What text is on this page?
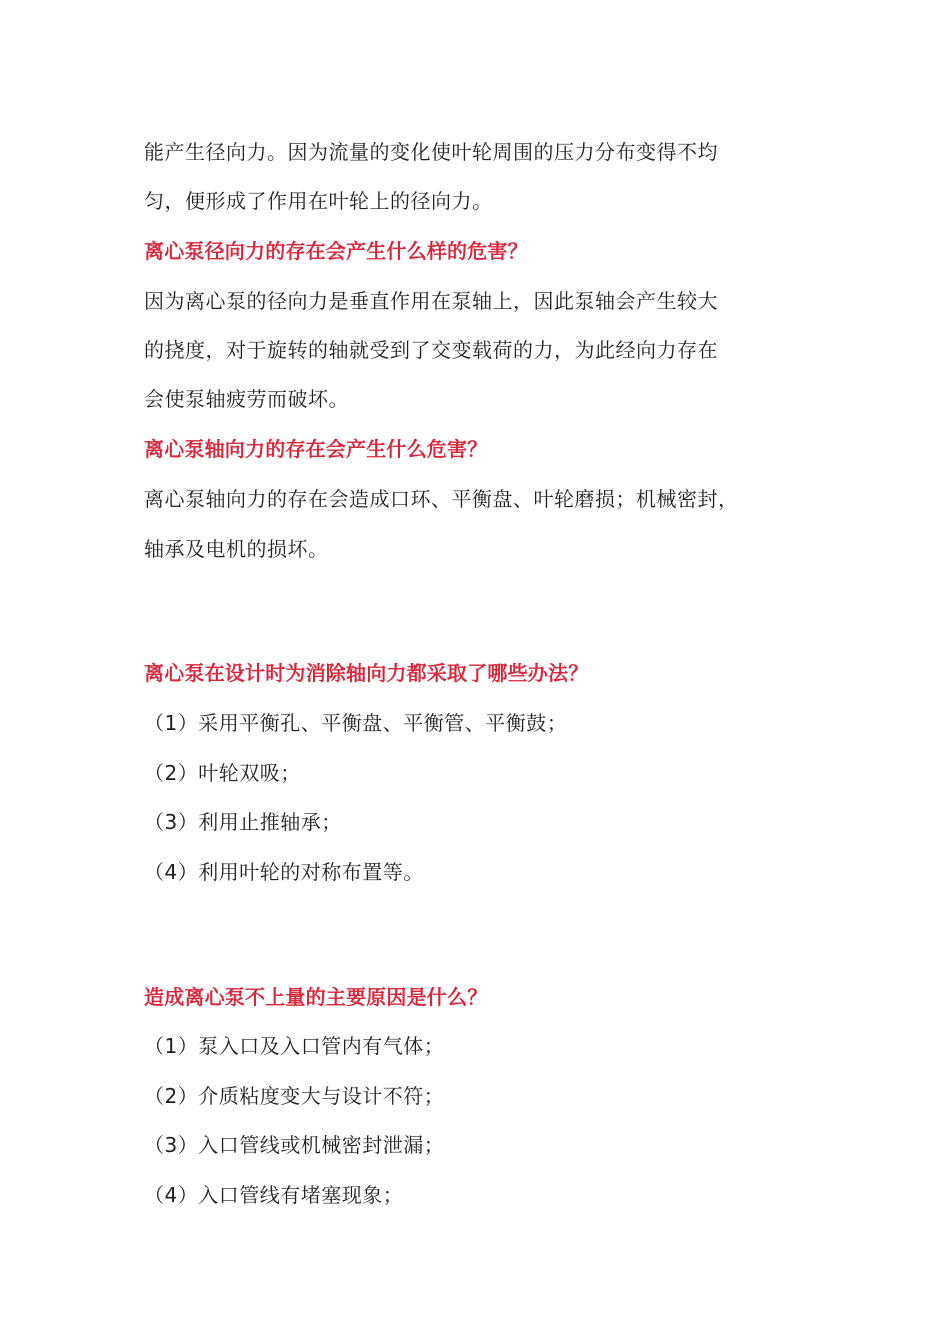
能产生径向力。因为流量的变化使叶轮周围的压力分布变得不均
匀，便形成了作用在叶轮上的径向力。
离心泵径向力的存在会产生什么样的危害？
因为离心泵的径向力是垂直作用在泵轴上，因此泵轴会产生较大
的挠度，对于旋转的轴就受到了交变载荷的力，为此经向力存在
会使泵轴疲劳而破坏。
离心泵轴向力的存在会产生什么危害？
离心泵轴向力的存在会造成口环、平衡盘、叶轮磨损；机械密封，
轴承及电机的损坏。
离心泵在设计时为消除轴向力都采取了哪些办法？
（1）采用平衡孔、平衡盘、平衡管、平衡鼓；
（2）叶轮双吸；
（3）利用止推轴承；
（4）利用叶轮的对称布置等。
造成离心泵不上量的主要原因是什么？
（1）泵入口及入口管内有气体；
（2）介质粘度变大与设计不符；
（3）入口管线或机械密封泄漏；
（4）入口管线有堵塞现象；
